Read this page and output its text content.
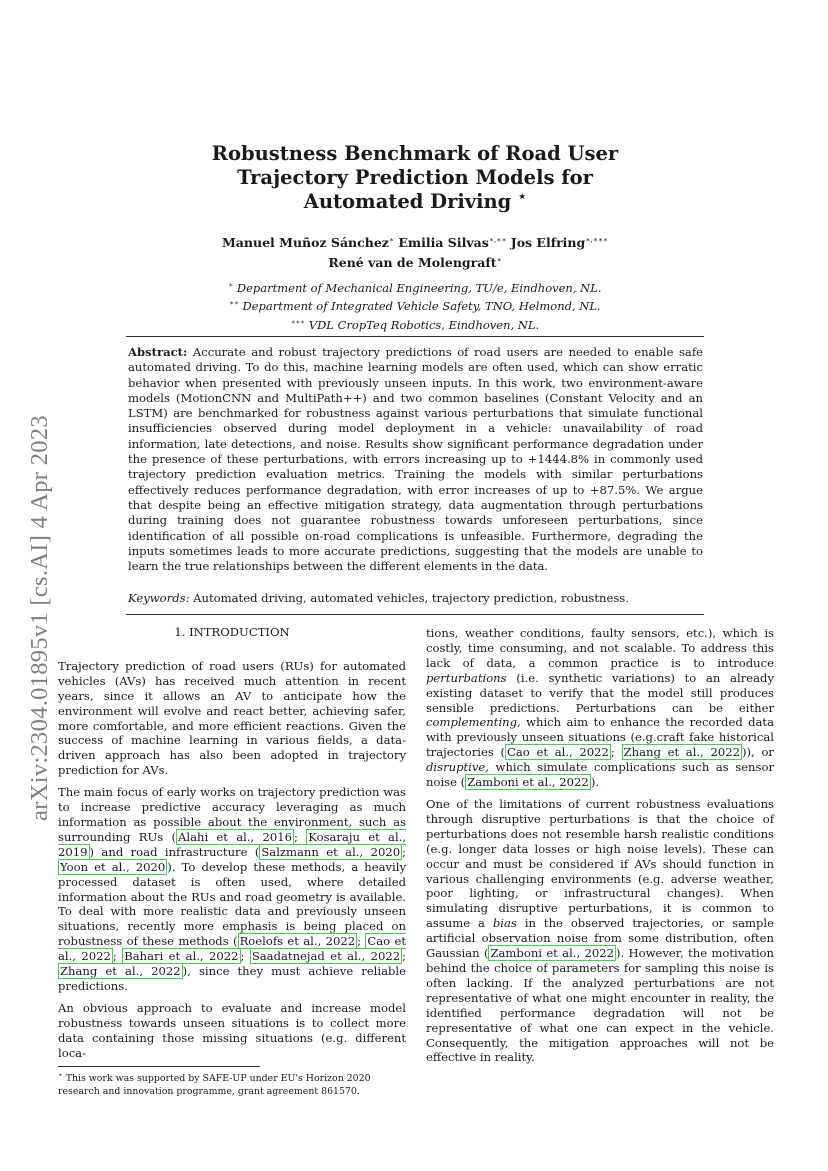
arXiv:2304.01895v1 [cs.AI] 4 Apr 2023
Robustness Benchmark of Road User
Trajectory Prediction Models for
Automated Driving ⋆
Manuel Muñoz Sánchez∗ Emilia Silvas∗,∗∗ Jos Elfring∗,∗∗∗
René van de Molengraft∗
∗ Department of Mechanical Engineering, TU/e, Eindhoven, NL.
∗∗ Department of Integrated Vehicle Safety, TNO, Helmond, NL.
∗∗∗ VDL CropTeq Robotics, Eindhoven, NL.
Abstract: Accurate and robust trajectory predictions of road users are needed to enable safe automated driving. To do this, machine learning models are often used, which can show erratic behavior when presented with previously unseen inputs. In this work, two environment-aware models (MotionCNN and MultiPath++) and two common baselines (Constant Velocity and an LSTM) are benchmarked for robustness against various perturbations that simulate functional insufficiencies observed during model deployment in a vehicle: unavailability of road information, late detections, and noise. Results show significant performance degradation under the presence of these perturbations, with errors increasing up to +1444.8% in commonly used trajectory prediction evaluation metrics. Training the models with similar perturbations effectively reduces performance degradation, with error increases of up to +87.5%. We argue that despite being an effective mitigation strategy, data augmentation through perturbations during training does not guarantee robustness towards unforeseen perturbations, since identification of all possible on-road complications is unfeasible. Furthermore, degrading the inputs sometimes leads to more accurate predictions, suggesting that the models are unable to learn the true relationships between the different elements in the data.
Keywords: Automated driving, automated vehicles, trajectory prediction, robustness.

1. INTRODUCTION

Trajectory prediction of road users (RUs) for automated vehicles (AVs) has received much attention in recent years, since it allows an AV to anticipate how the environment will evolve and react better, achieving safer, more comfortable, and more efficient reactions. Given the success of machine learning in various fields, a data-driven approach has also been adopted in trajectory prediction for AVs.

The main focus of early works on trajectory prediction was to increase predictive accuracy leveraging as much information as possible about the environment, such as surrounding RUs ( Alahi et al., 2016 ; Kosaraju et al., 2019 ) and road infrastructure ( Salzmann et al., 2020 ; Yoon et al., 2020 ). To develop these methods, a heavily processed dataset is often used, where detailed information about the RUs and road geometry is available. To deal with more realistic data and previously unseen situations, recently more emphasis is being placed on robustness of these methods ( Roelofs et al., 2022 ; Cao et al., 2022 ; Bahari et al., 2022 ; Saadatnejad et al., 2022 ; Zhang et al., 2022 ), since they must achieve reliable predictions.

An obvious approach to evaluate and increase model robustness towards unseen situations is to collect more data containing those missing situations (e.g. different loca-

tions, weather conditions, faulty sensors, etc.), which is costly, time consuming, and not scalable. To address this lack of data, a common practice is to introduce perturbations (i.e. synthetic variations) to an already existing dataset to verify that the model still produces sensible predictions. Perturbations can be either complementing, which aim to enhance the recorded data with previously unseen situations (e.g.craft fake historical trajectories ( Cao et al., 2022 ; Zhang et al., 2022 )), or disruptive, which simulate complications such as sensor noise ( Zamboni et al., 2022 ).

One of the limitations of current robustness evaluations through disruptive perturbations is that the choice of perturbations does not resemble harsh realistic conditions (e.g. longer data losses or high noise levels). These can occur and must be considered if AVs should function in various challenging environments (e.g. adverse weather, poor lighting, or infrastructural changes). When simulating disruptive perturbations, it is common to assume a bias in the observed trajectories, or sample artificial observation noise from some distribution, often Gaussian ( Zamboni et al., 2022 ). However, the motivation behind the choice of parameters for sampling this noise is often lacking. If the analyzed perturbations are not representative of what one might encounter in reality, the identified performance degradation will not be representative of what one can expect in the vehicle. Consequently, the mitigation approaches will not be effective in reality.

⋆ This work was supported by SAFE-UP under EU's Horizon 2020 research and innovation programme, grant agreement 861570.
